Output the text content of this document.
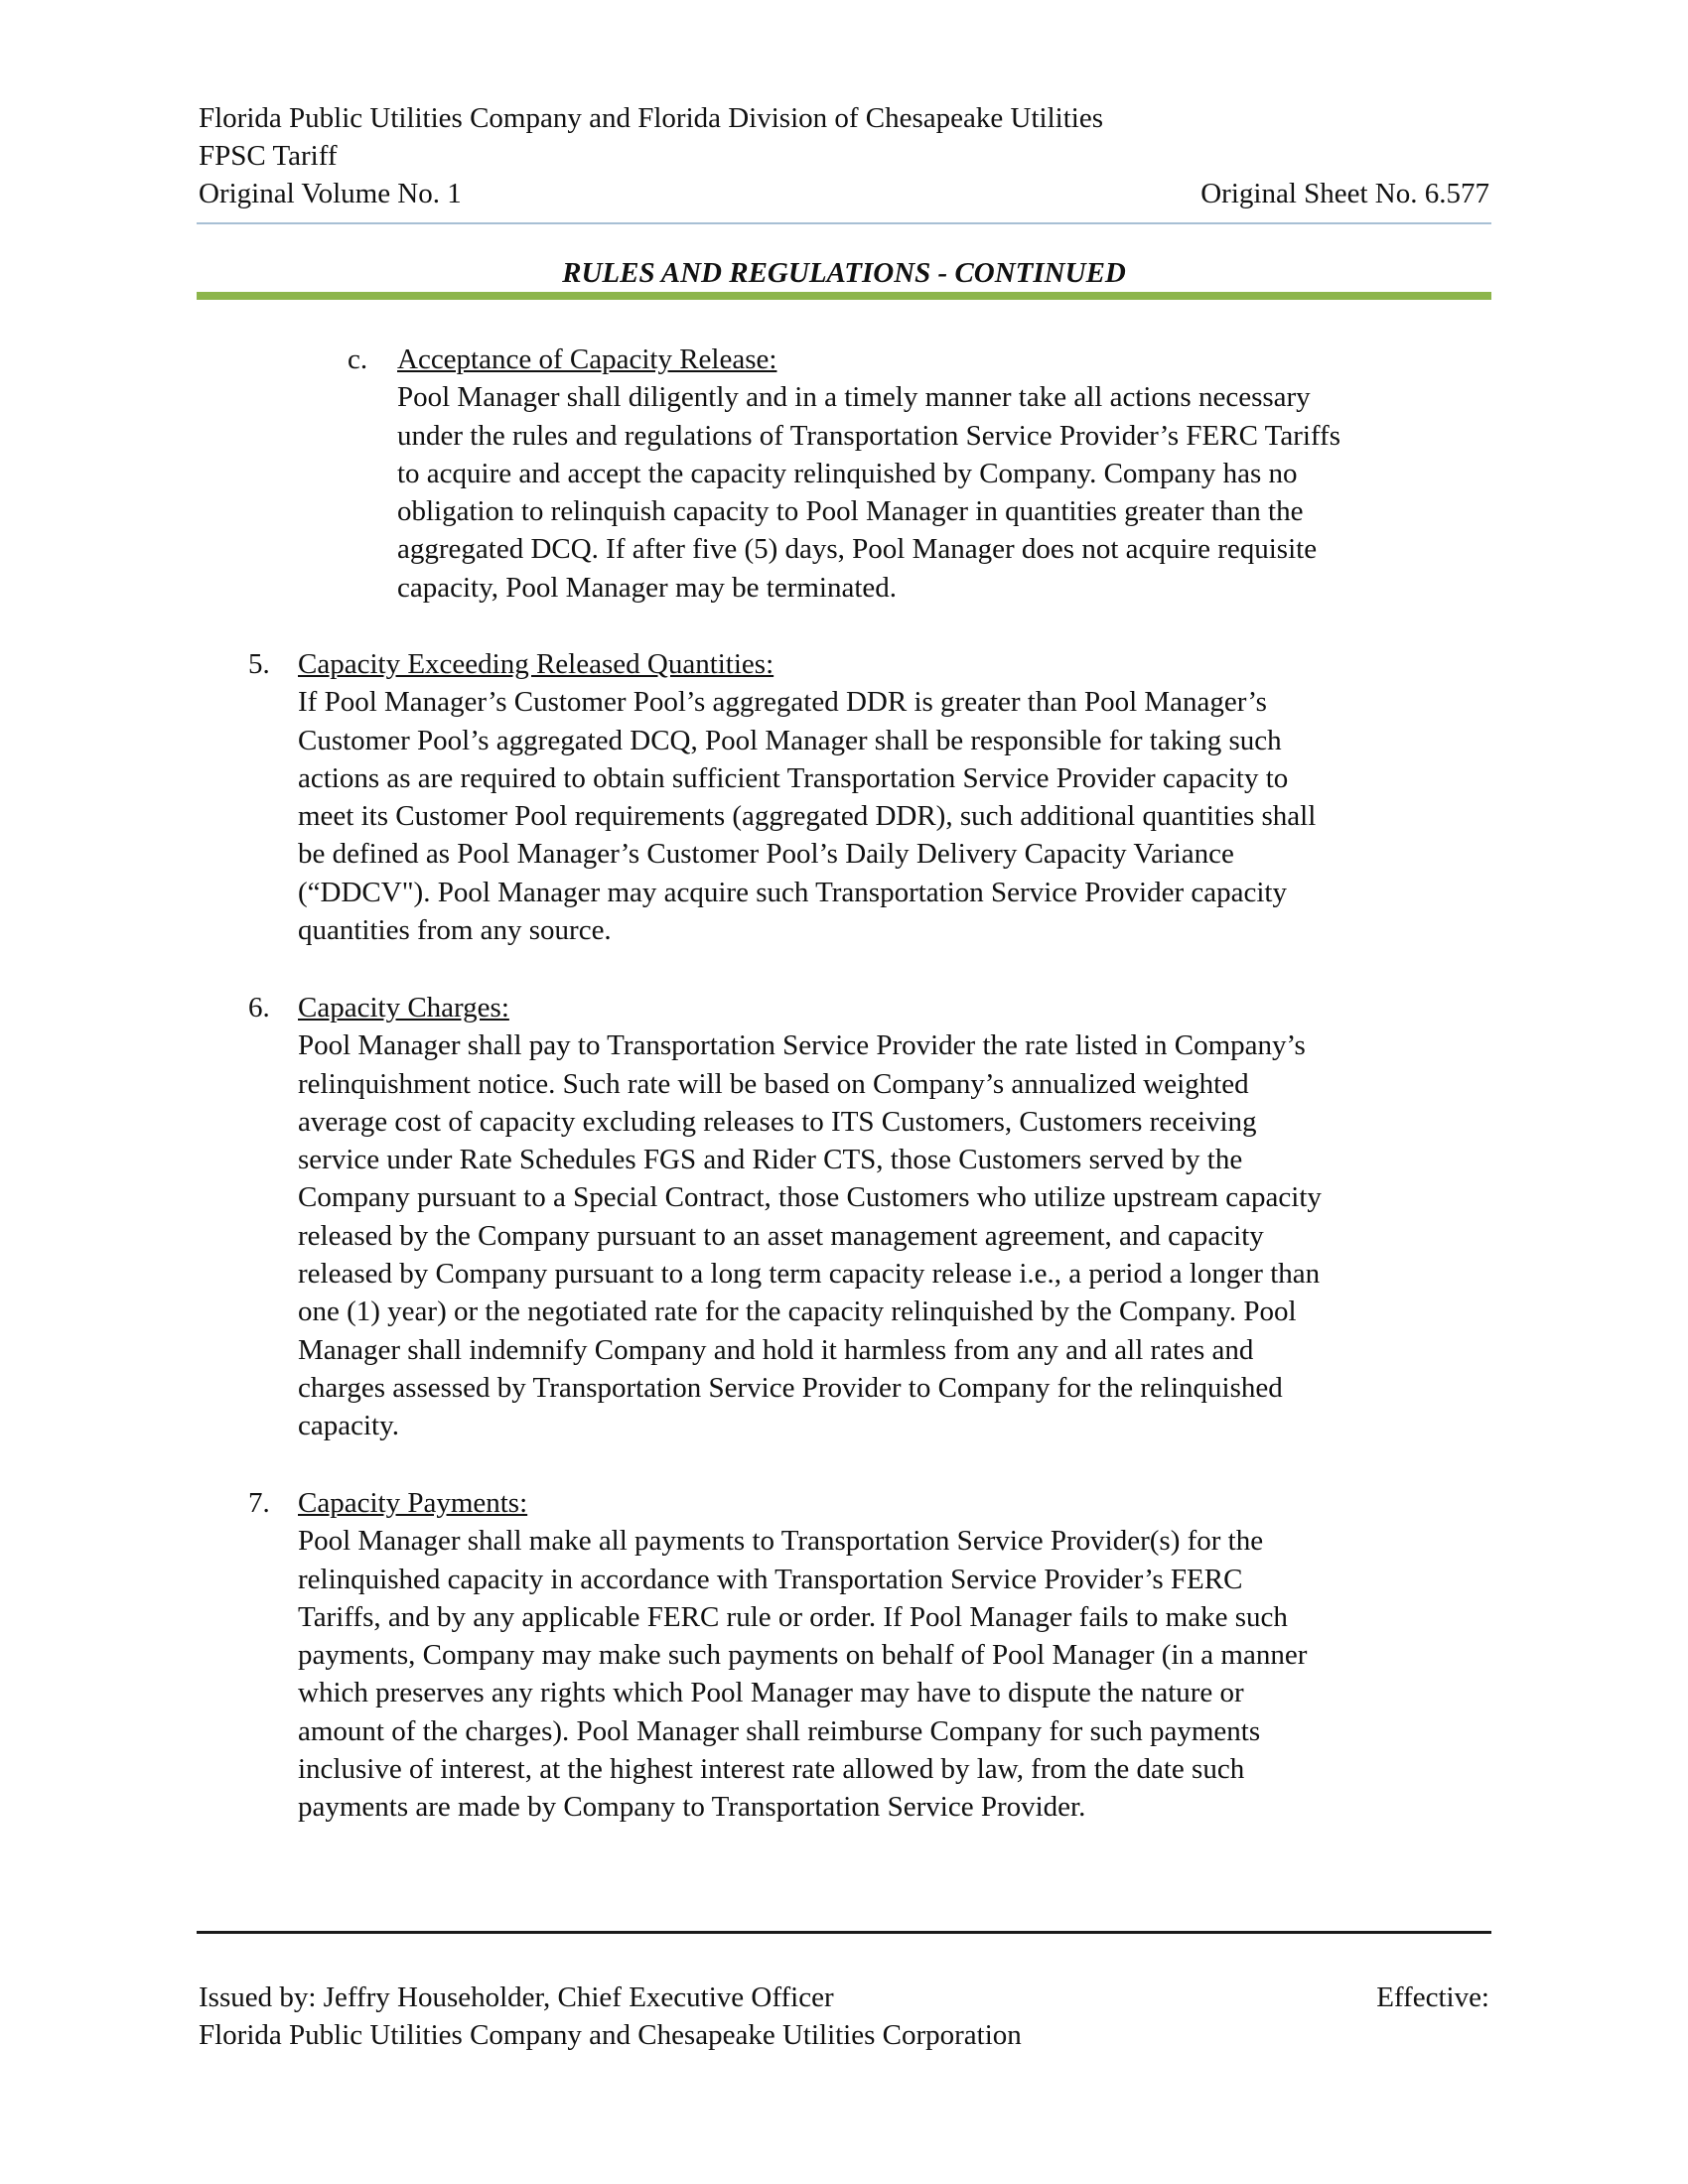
Florida Public Utilities Company and Florida Division of Chesapeake Utilities
FPSC Tariff
Original Volume No. 1	Original Sheet No. 6.577
RULES AND REGULATIONS - CONTINUED
c. Acceptance of Capacity Release:
Pool Manager shall diligently and in a timely manner take all actions necessary
under the rules and regulations of Transportation Service Provider’s FERC Tariffs
to acquire and accept the capacity relinquished by Company. Company has no
obligation to relinquish capacity to Pool Manager in quantities greater than the
aggregated DCQ. If after five (5) days, Pool Manager does not acquire requisite
capacity, Pool Manager may be terminated.
5. Capacity Exceeding Released Quantities:
If Pool Manager’s Customer Pool’s aggregated DDR is greater than Pool Manager’s
Customer Pool’s aggregated DCQ, Pool Manager shall be responsible for taking such
actions as are required to obtain sufficient Transportation Service Provider capacity to
meet its Customer Pool requirements (aggregated DDR), such additional quantities shall
be defined as Pool Manager’s Customer Pool’s Daily Delivery Capacity Variance
(“DDCV"). Pool Manager may acquire such Transportation Service Provider capacity
quantities from any source.
6. Capacity Charges:
Pool Manager shall pay to Transportation Service Provider the rate listed in Company’s
relinquishment notice. Such rate will be based on Company’s annualized weighted
average cost of capacity excluding releases to ITS Customers, Customers receiving
service under Rate Schedules FGS and Rider CTS, those Customers served by the
Company pursuant to a Special Contract, those Customers who utilize upstream capacity
released by the Company pursuant to an asset management agreement, and capacity
released by Company pursuant to a long term capacity release i.e., a period a longer than
one (1) year) or the negotiated rate for the capacity relinquished by the Company. Pool
Manager shall indemnify Company and hold it harmless from any and all rates and
charges assessed by Transportation Service Provider to Company for the relinquished
capacity.
7. Capacity Payments:
Pool Manager shall make all payments to Transportation Service Provider(s) for the
relinquished capacity in accordance with Transportation Service Provider’s FERC
Tariffs, and by any applicable FERC rule or order. If Pool Manager fails to make such
payments, Company may make such payments on behalf of Pool Manager (in a manner
which preserves any rights which Pool Manager may have to dispute the nature or
amount of the charges). Pool Manager shall reimburse Company for such payments
inclusive of interest, at the highest interest rate allowed by law, from the date such
payments are made by Company to Transportation Service Provider.
Issued by: Jeffry Householder, Chief Executive Officer	Effective:
Florida Public Utilities Company and Chesapeake Utilities Corporation
